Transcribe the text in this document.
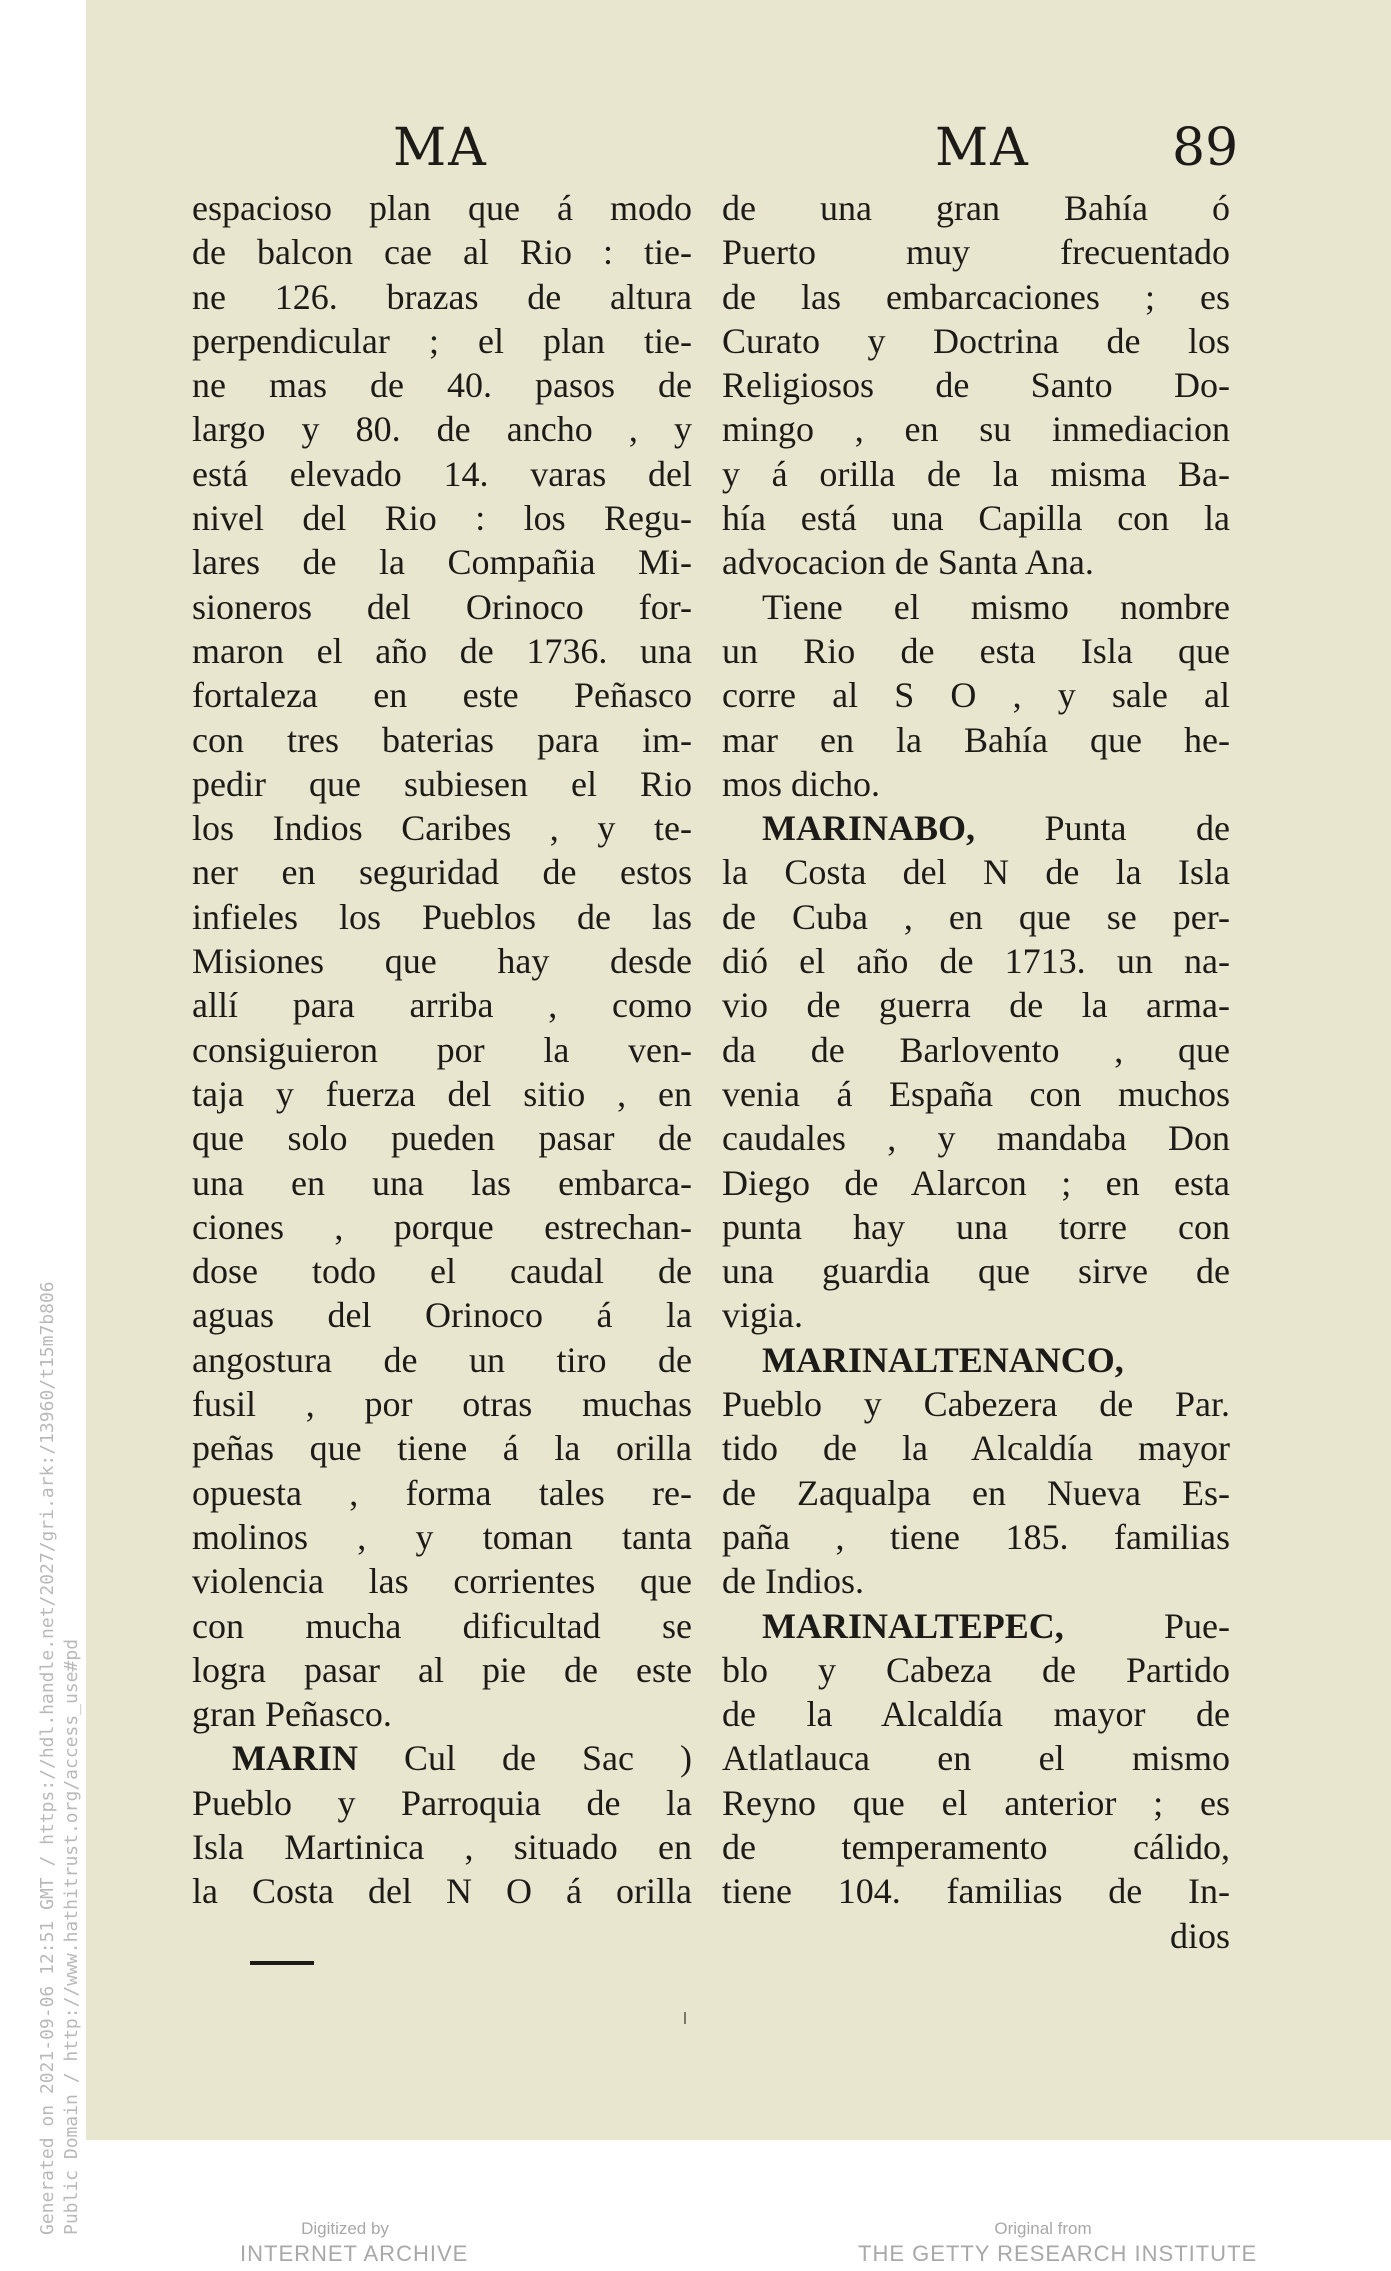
MA	MA	89
espacioso plan que á modo
de balcon cae al Rio : tie-
ne 126. brazas de altura
perpendicular ; el plan tie-
ne mas de 40. pasos de
largo y 80. de ancho , y
está elevado 14. varas del
nivel del Rio : los Regu-
lares de la Compañia Mi-
sioneros del Orinoco for-
maron el año de 1736. una
fortaleza en este Peñasco
con tres baterias para im-
pedir que subiesen el Rio
los Indios Caribes , y te-
ner en seguridad de estos
infieles los Pueblos de las
Misiones que hay desde
allí para arriba , como
consiguieron por la ven-
taja y fuerza del sitio , en
que solo pueden pasar de
una en una las embarca-
ciones , porque estrechan-
dose todo el caudal de
aguas del Orinoco á la
angostura de un tiro de
fusil , por otras muchas
peñas que tiene á la orilla
opuesta , forma tales re-
molinos , y toman tanta
violencia las corrientes que
con mucha dificultad se
logra pasar al pie de este
gran Peñasco.
MARIN Cul de Sac )
Pueblo y Parroquia de la
Isla Martinica , situado en
la Costa del N O á orilla
de una gran Bahía ó
Puerto muy frecuentado
de las embarcaciones ; es
Curato y Doctrina de los
Religiosos de Santo Do-
mingo , en su inmediacion
y á orilla de la misma Ba-
hía está una Capilla con la
advocacion de Santa Ana.
Tiene el mismo nombre
un Rio de esta Isla que
corre al S O , y sale al
mar en la Bahía que he-
mos dicho.
MARINABO, Punta de
la Costa del N de la Isla
de Cuba , en que se per-
dió el año de 1713. un na-
vio de guerra de la arma-
da de Barlovento , que
venia á España con muchos
caudales , y mandaba Don
Diego de Alarcon ; en esta
punta hay una torre con
una guardia que sirve de
vigia.
MARINALTENANCO,
Pueblo y Cabezera de Par.
tido de la Alcaldía mayor
de Zaqualpa en Nueva Es-
paña , tiene 185. familias
de Indios.
MARINALTEPEC, Pue-
blo y Cabeza de Partido
de la Alcaldía mayor de
Atlatlauca en el mismo
Reyno que el anterior ; es
de temperamento cálido,
tiene 104. familias de In-
dios
Generated on 2021-09-06 12:51 GMT / https://hdl.handle.net/2027/gri.ark:/13960/t15m7b806 Public Domain / http://www.hathitrust.org/access_use#pd	Digitized by
INTERNET ARCHIVE
Original from
THE GETTY RESEARCH INSTITUTE
